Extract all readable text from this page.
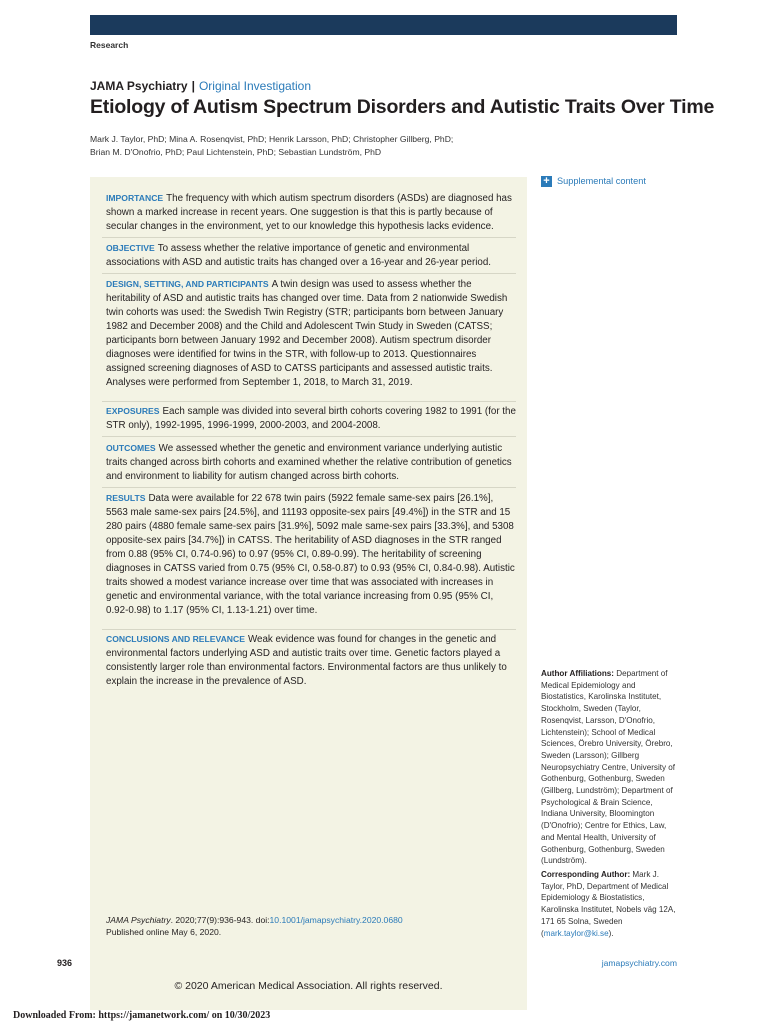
Research
JAMA Psychiatry | Original Investigation
Etiology of Autism Spectrum Disorders and Autistic Traits Over Time
Mark J. Taylor, PhD; Mina A. Rosenqvist, PhD; Henrik Larsson, PhD; Christopher Gillberg, PhD;
Brian M. D'Onofrio, PhD; Paul Lichtenstein, PhD; Sebastian Lundström, PhD
IMPORTANCE The frequency with which autism spectrum disorders (ASDs) are diagnosed has shown a marked increase in recent years. One suggestion is that this is partly because of secular changes in the environment, yet to our knowledge this hypothesis lacks evidence.
OBJECTIVE To assess whether the relative importance of genetic and environmental associations with ASD and autistic traits has changed over a 16-year and 26-year period.
DESIGN, SETTING, AND PARTICIPANTS A twin design was used to assess whether the heritability of ASD and autistic traits has changed over time. Data from 2 nationwide Swedish twin cohorts was used: the Swedish Twin Registry (STR; participants born between January 1982 and December 2008) and the Child and Adolescent Twin Study in Sweden (CATSS; participants born between January 1992 and December 2008). Autism spectrum disorder diagnoses were identified for twins in the STR, with follow-up to 2013. Questionnaires assigned screening diagnoses of ASD to CATSS participants and assessed autistic traits. Analyses were performed from September 1, 2018, to March 31, 2019.
EXPOSURES Each sample was divided into several birth cohorts covering 1982 to 1991 (for the STR only), 1992-1995, 1996-1999, 2000-2003, and 2004-2008.
OUTCOMES We assessed whether the genetic and environment variance underlying autistic traits changed across birth cohorts and examined whether the relative contribution of genetics and environment to liability for autism changed across birth cohorts.
RESULTS Data were available for 22 678 twin pairs (5922 female same-sex pairs [26.1%], 5563 male same-sex pairs [24.5%], and 11193 opposite-sex pairs [49.4%]) in the STR and 15 280 pairs (4880 female same-sex pairs [31.9%], 5092 male same-sex pairs [33.3%], and 5308 opposite-sex pairs [34.7%]) in CATSS. The heritability of ASD diagnoses in the STR ranged from 0.88 (95% CI, 0.74-0.96) to 0.97 (95% CI, 0.89-0.99). The heritability of screening diagnoses in CATSS varied from 0.75 (95% CI, 0.58-0.87) to 0.93 (95% CI, 0.84-0.98). Autistic traits showed a modest variance increase over time that was associated with increases in genetic and environmental variance, with the total variance increasing from 0.95 (95% CI, 0.92-0.98) to 1.17 (95% CI, 1.13-1.21) over time.
CONCLUSIONS AND RELEVANCE Weak evidence was found for changes in the genetic and environmental factors underlying ASD and autistic traits over time. Genetic factors played a consistently larger role than environmental factors. Environmental factors are thus unlikely to explain the increase in the prevalence of ASD.
JAMA Psychiatry. 2020;77(9):936-943. doi:10.1001/jamapsychiatry.2020.0680
Published online May 6, 2020.
© 2020 American Medical Association. All rights reserved.
+ Supplemental content
Author Affiliations: Department of Medical Epidemiology and Biostatistics, Karolinska Institutet, Stockholm, Sweden (Taylor, Rosenqvist, Larsson, D'Onofrio, Lichtenstein); School of Medical Sciences, Örebro University, Örebro, Sweden (Larsson); Gillberg Neuropsychiatry Centre, University of Gothenburg, Gothenburg, Sweden (Gillberg, Lundström); Department of Psychological & Brain Science, Indiana University, Bloomington (D'Onofrio); Centre for Ethics, Law, and Mental Health, University of Gothenburg, Gothenburg, Sweden (Lundström).
Corresponding Author: Mark J. Taylor, PhD, Department of Medical Epidemiology & Biostatistics, Karolinska Institutet, Nobels väg 12A, 171 65 Solna, Sweden (mark.taylor@ki.se).
936	jamapsychiatry.com
Downloaded From: https://jamanetwork.com/ on 10/30/2023
